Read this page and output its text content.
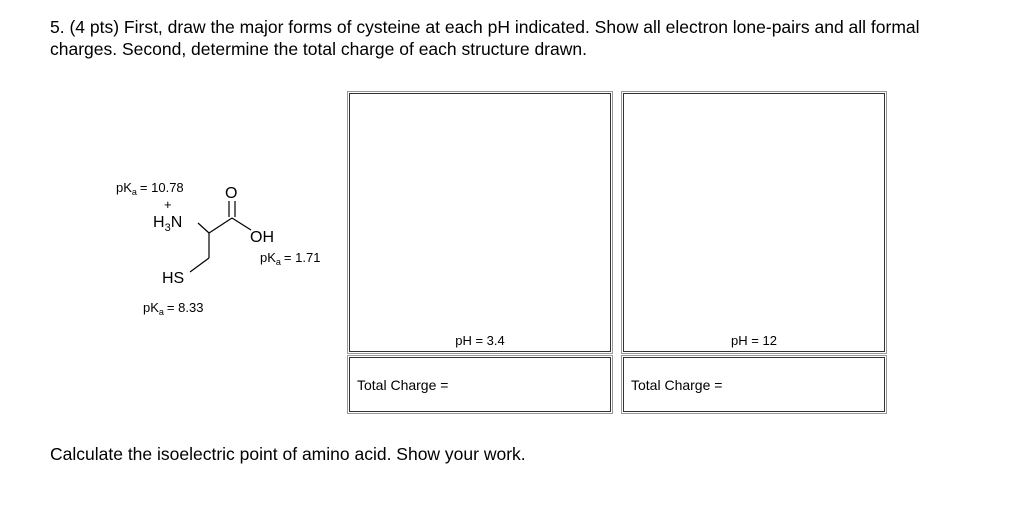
5. (4 pts) First, draw the major forms of cysteine at each pH indicated. Show all electron lone-pairs and all formal charges. Second, determine the total charge of each structure drawn.
$pK_a = 10.78$
+
$H_3N$
O
OH
$pK_a = 1.71$
HS
$pK_a = 8.33$
pH = 3.4	pH = 12
Total Charge =	Total Charge =
Calculate the isoelectric point of amino acid. Show your work.
